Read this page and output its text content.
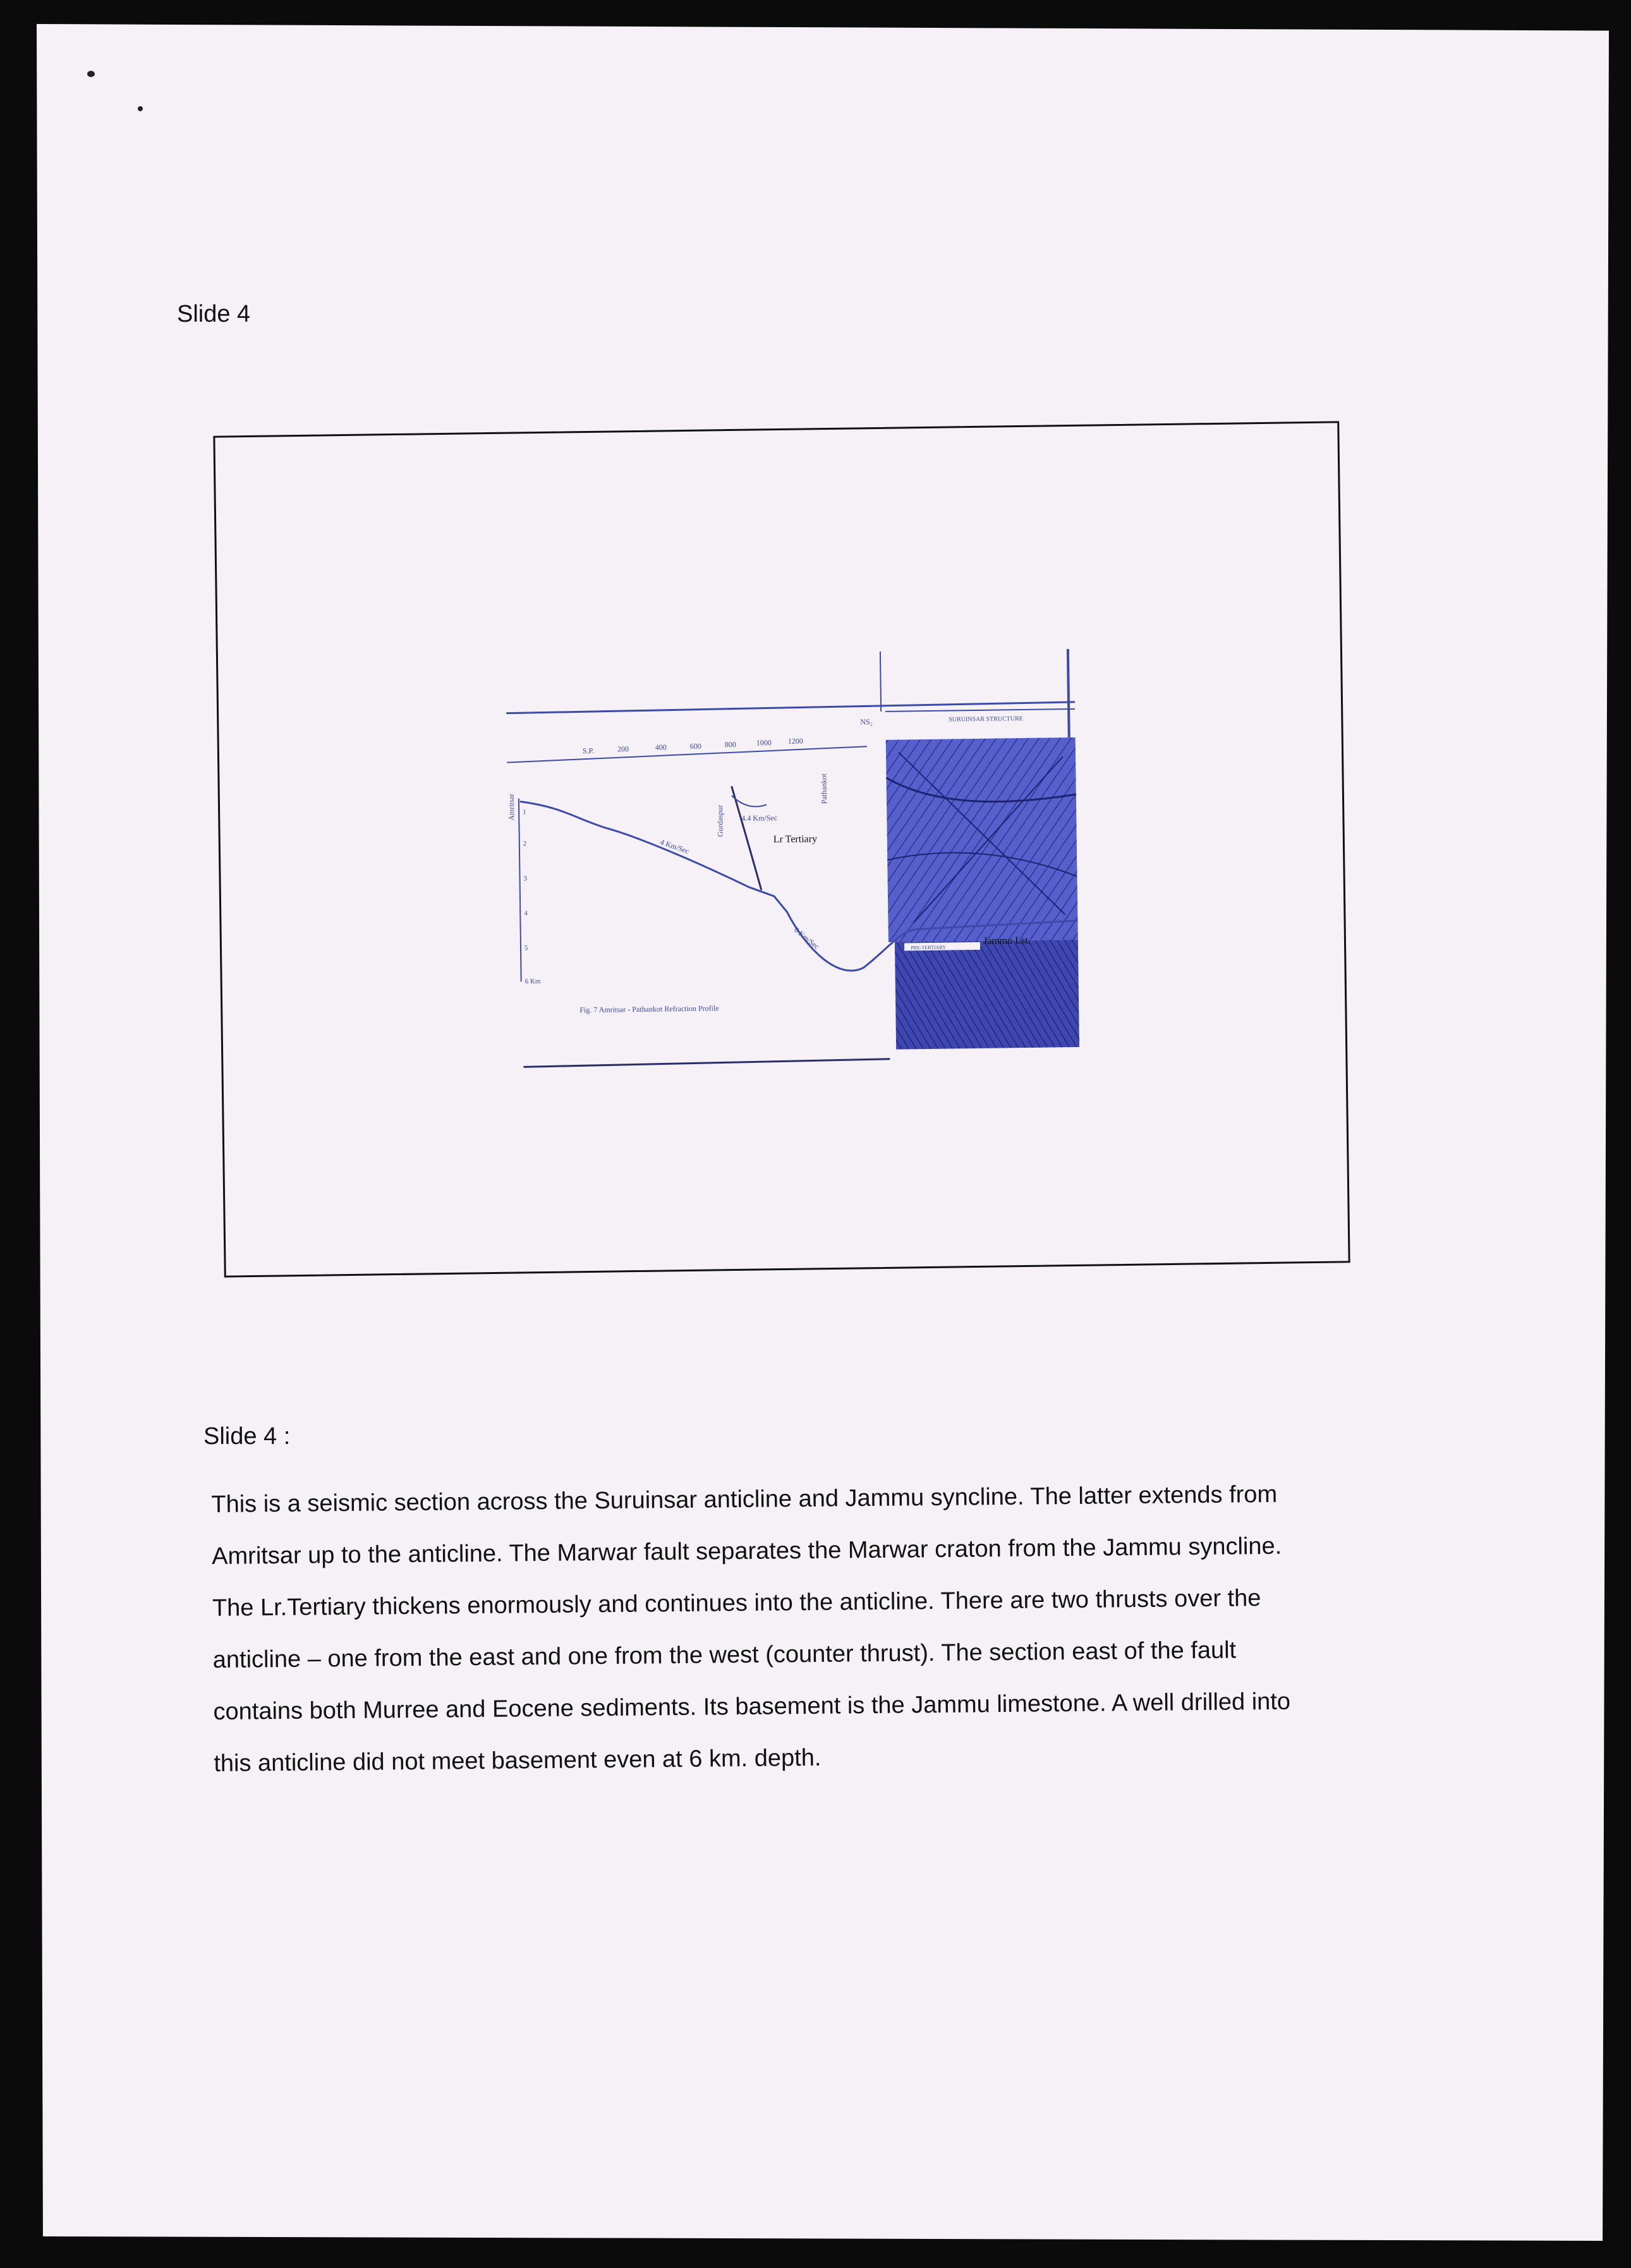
Slide 4
S.P.	200	400	600	800	1000 1200
NS₂	SURUINSAR STRUCTURE
Amritsar	Gurdaspur
Pathankot
1
2
3
4
5
6 Km
4.4 Km/Sec
4 Km/Sec
6 Km/Sec
Lr Tertiary
PRE-TERTIARY
Jammu Lst.
Fig. 7 Amritsar - Pathankot Refraction Profile
Slide 4 :

This is a seismic section across the Suruinsar anticline and Jammu syncline. The latter extends from

Amritsar up to the anticline. The Marwar fault separates the Marwar craton from the Jammu syncline.

The Lr.Tertiary thickens enormously and continues into the anticline. There are two thrusts over the

anticline – one from the east and one from the west (counter thrust). The section east of the fault

contains both Murree and Eocene sediments. Its basement is the Jammu limestone. A well drilled into

this anticline did not meet basement even at 6 km. depth.
